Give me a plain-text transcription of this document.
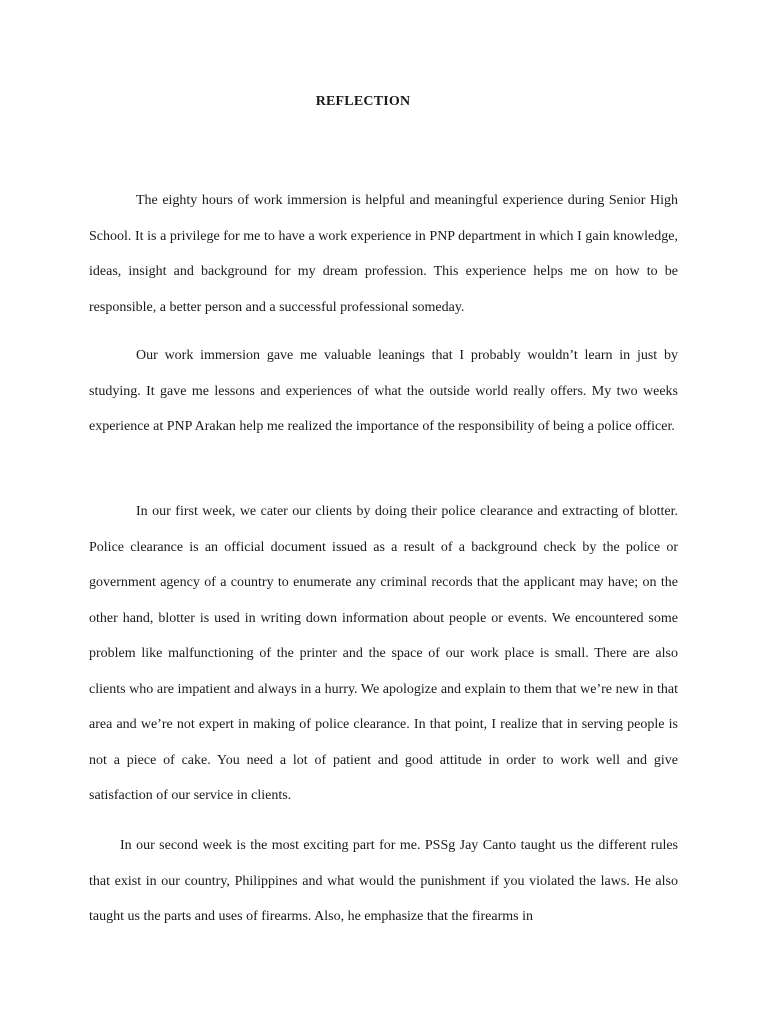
REFLECTION

The eighty hours of work immersion is helpful and meaningful experience during Senior High School. It is a privilege for me to have a work experience in PNP department in which I gain knowledge, ideas, insight and background for my dream profession. This experience helps me on how to be responsible, a better person and a successful professional someday.

Our work immersion gave me valuable leanings that I probably wouldn’t learn in just by studying. It gave me lessons and experiences of what the outside world really offers. My two weeks experience at PNP Arakan help me realized the importance of the responsibility of being a police officer.

In our first week, we cater our clients by doing their police clearance and extracting of blotter. Police clearance is an official document issued as a result of a background check by the police or government agency of a country to enumerate any criminal records that the applicant may have; on the other hand, blotter is used in writing down information about people or events. We encountered some problem like malfunctioning of the printer and the space of our work place is small. There are also clients who are impatient and always in a hurry. We apologize and explain to them that we’re new in that area and we’re not expert in making of police clearance. In that point, I realize that in serving people is not a piece of cake. You need a lot of patient and good attitude in order to work well and give satisfaction of our service in clients.

In our second week is the most exciting part for me. PSSg Jay Canto taught us the different rules that exist in our country, Philippines and what would the punishment if you violated the laws. He also taught us the parts and uses of firearms. Also, he emphasize that the firearms in
